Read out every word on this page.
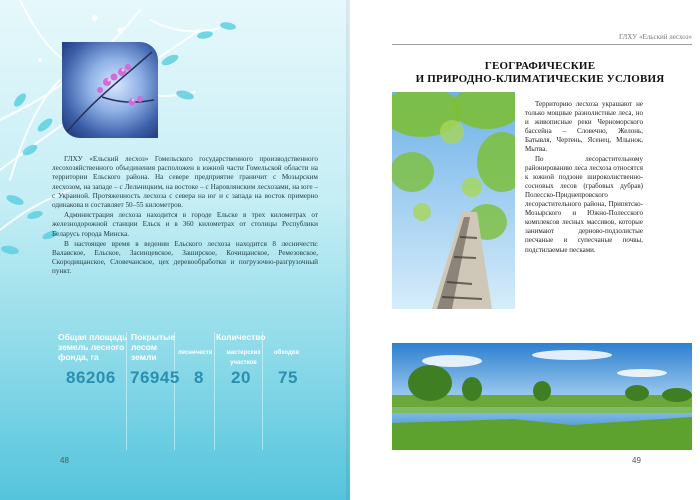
ГЛХУ «Ельский лесхоз» Гомельского государственного производственного лесохозяйственного объединения расположен в южной части Гомельской области на территории Ельского района. На севере предприятие граничит с Мозырским лесхозом, на западе – с Лельчицким, на востоке – с Наровлянским лесхозами, на юге – с Украиной. Протяженность лесхоза с севера на юг и с запада на восток примерно одинакова и составляет 50–55 километров.

Администрация лесхоза находится в городе Ельске в трех километрах от железнодорожной станции Ельск и в 360 километрах от столицы Республики Беларусь города Минска.

В настоящее время в ведении Ельского лесхоза находится 8 лесничеств: Валавское, Ельское, Засинцевское, Заширское, Кочищанское, Ремезовское, Скородищанское, Словечанское, цех деревообработки и погрузочно-разгрузочный пункт.

Общая площадь земель лесного фонда, га
Покрытые лесом земли
Количество
лесничеств	мастерских участков
обходов
86206 76945 8 20 75
48
ГЛХУ «Ельский лесхоз»
ГЕОГРАФИЧЕСКИЕ
И ПРИРОДНО-КЛИМАТИЧЕСКИЕ УСЛОВИЯ

Территорию лесхоза украшают не только мощные разнолистные леса, но и живописные реки Черноморского бассейна – Словечно, Желонь, Батывля, Чертень, Ясенец, Млынок, Мытва.

По лесорастительному районированию леса лесхоза относятся к южной подзоне широколиственно-сосновых лесов (грабовых дубрав) Полесско-Приднепровского лесорастительного района, Припятско-Мозырского и Южно-Полесского комплексов лесных массивов, которые занимают дерново-подзолистые песчаные и супесчаные почвы, подстилаемые песками.

49
